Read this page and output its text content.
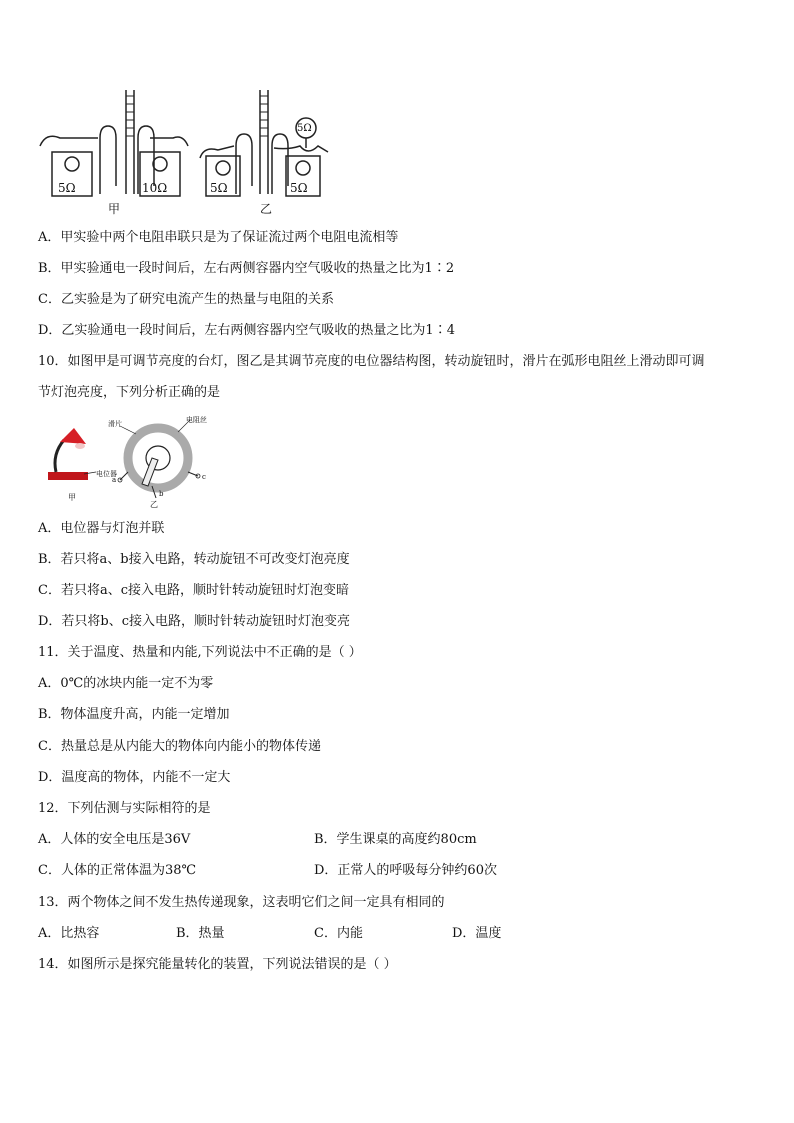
5Ω	10Ω
甲
5Ω
5Ω	5Ω
乙
A．甲实验中两个电阻串联只是为了保证流过两个电阻电流相等
B．甲实验通电一段时间后，左右两侧容器内空气吸收的热量之比为1∶2
C．乙实验是为了研究电流产生的热量与电阻的关系
D．乙实验通电一段时间后，左右两侧容器内空气吸收的热量之比为1∶4
10．如图甲是可调节亮度的台灯，图乙是其调节亮度的电位器结构图，转动旋钮时，滑片在弧形电阻丝上滑动即可调
节灯泡亮度，下列分析正确的是
电位器
甲
滑片	电阻丝
a
b
c
乙
A．电位器与灯泡并联
B．若只将a、b接入电路，转动旋钮不可改变灯泡亮度
C．若只将a、c接入电路，顺时针转动旋钮时灯泡变暗
D．若只将b、c接入电路，顺时针转动旋钮时灯泡变亮
11．关于温度、热量和内能,下列说法中不正确的是（ ）
A．0℃的冰块内能一定不为零
B．物体温度升高，内能一定增加
C．热量总是从内能大的物体向内能小的物体传递
D．温度高的物体，内能不一定大
12．下列估测与实际相符的是
A．人体的安全电压是36V	B．学生课桌的高度约80cm
C．人体的正常体温为38℃	D．正常人的呼吸每分钟约60次
13．两个物体之间不发生热传递现象，这表明它们之间一定具有相同的
A．比热容	B．热量	C．内能	D．温度
14．如图所示是探究能量转化的装置，下列说法错误的是（ ）
